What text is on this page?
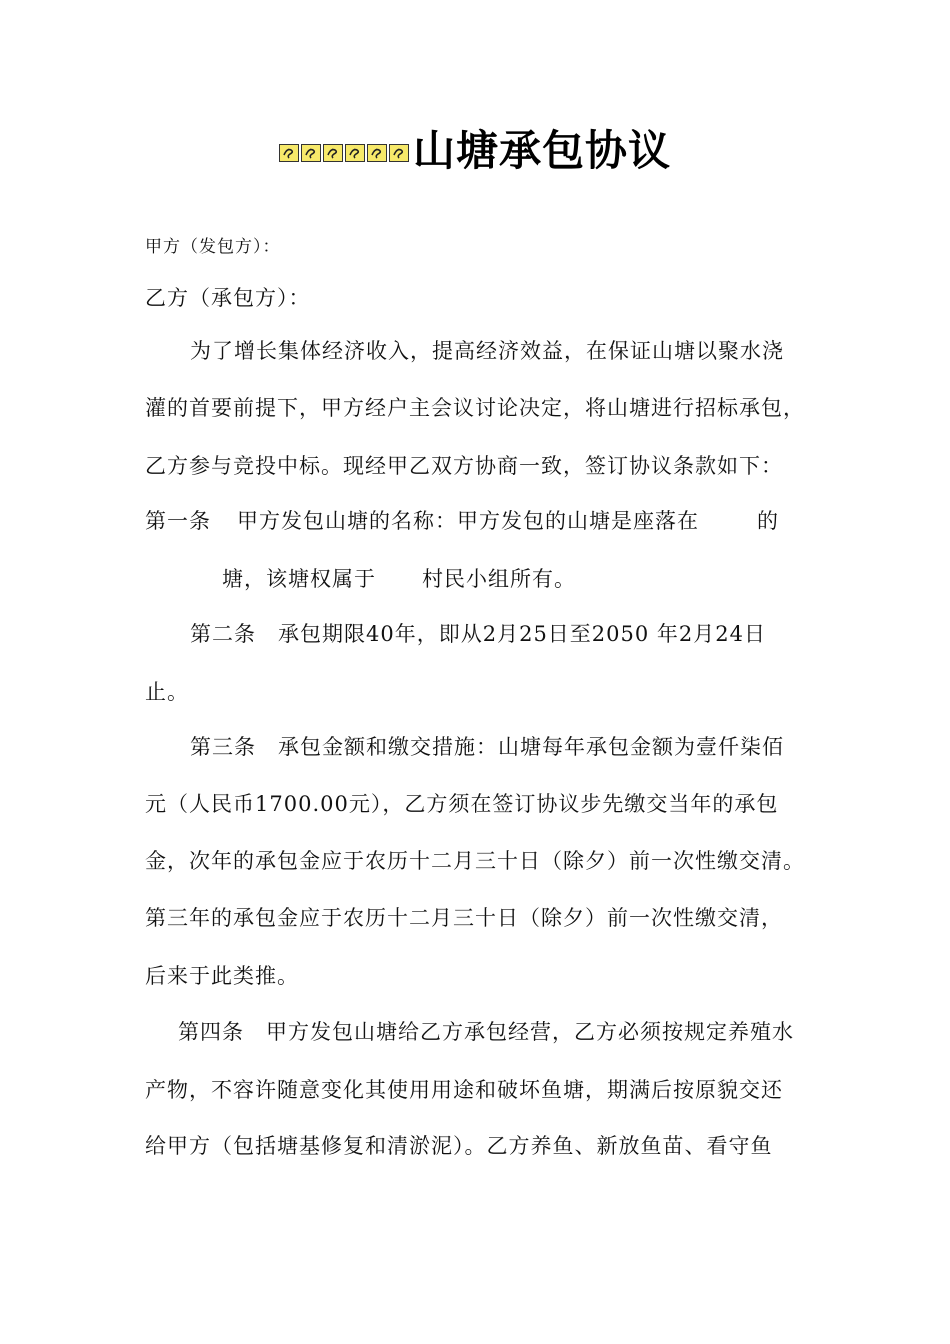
山塘承包协议
甲方（发包方）：
乙方（承包方）：
为了增长集体经济收入，提高经济效益，在保证山塘以聚水浇
灌的首要前提下，甲方经户主会议讨论决定，将山塘进行招标承包，
乙方参与竞投中标。现经甲乙双方协商一致，签订协议条款如下：
第一条 甲方发包山塘的名称：甲方发包的山塘是座落在	的
塘，该塘权属于 村民小组所有。
第二条　承包期限40年，即从2月25日至2050 年2月24日
止。
第三条　承包金额和缴交措施：山塘每年承包金额为壹仟柒佰
元（人民币1700.00元），乙方须在签订协议步先缴交当年的承包
金，次年的承包金应于农历十二月三十日（除夕）前一次性缴交清。
第三年的承包金应于农历十二月三十日（除夕）前一次性缴交清，
后来于此类推。
第四条　甲方发包山塘给乙方承包经营，乙方必须按规定养殖水
产物，不容许随意变化其使用用途和破坏鱼塘，期满后按原貌交还
给甲方（包括塘基修复和清淤泥）。乙方养鱼、新放鱼苗、看守鱼
